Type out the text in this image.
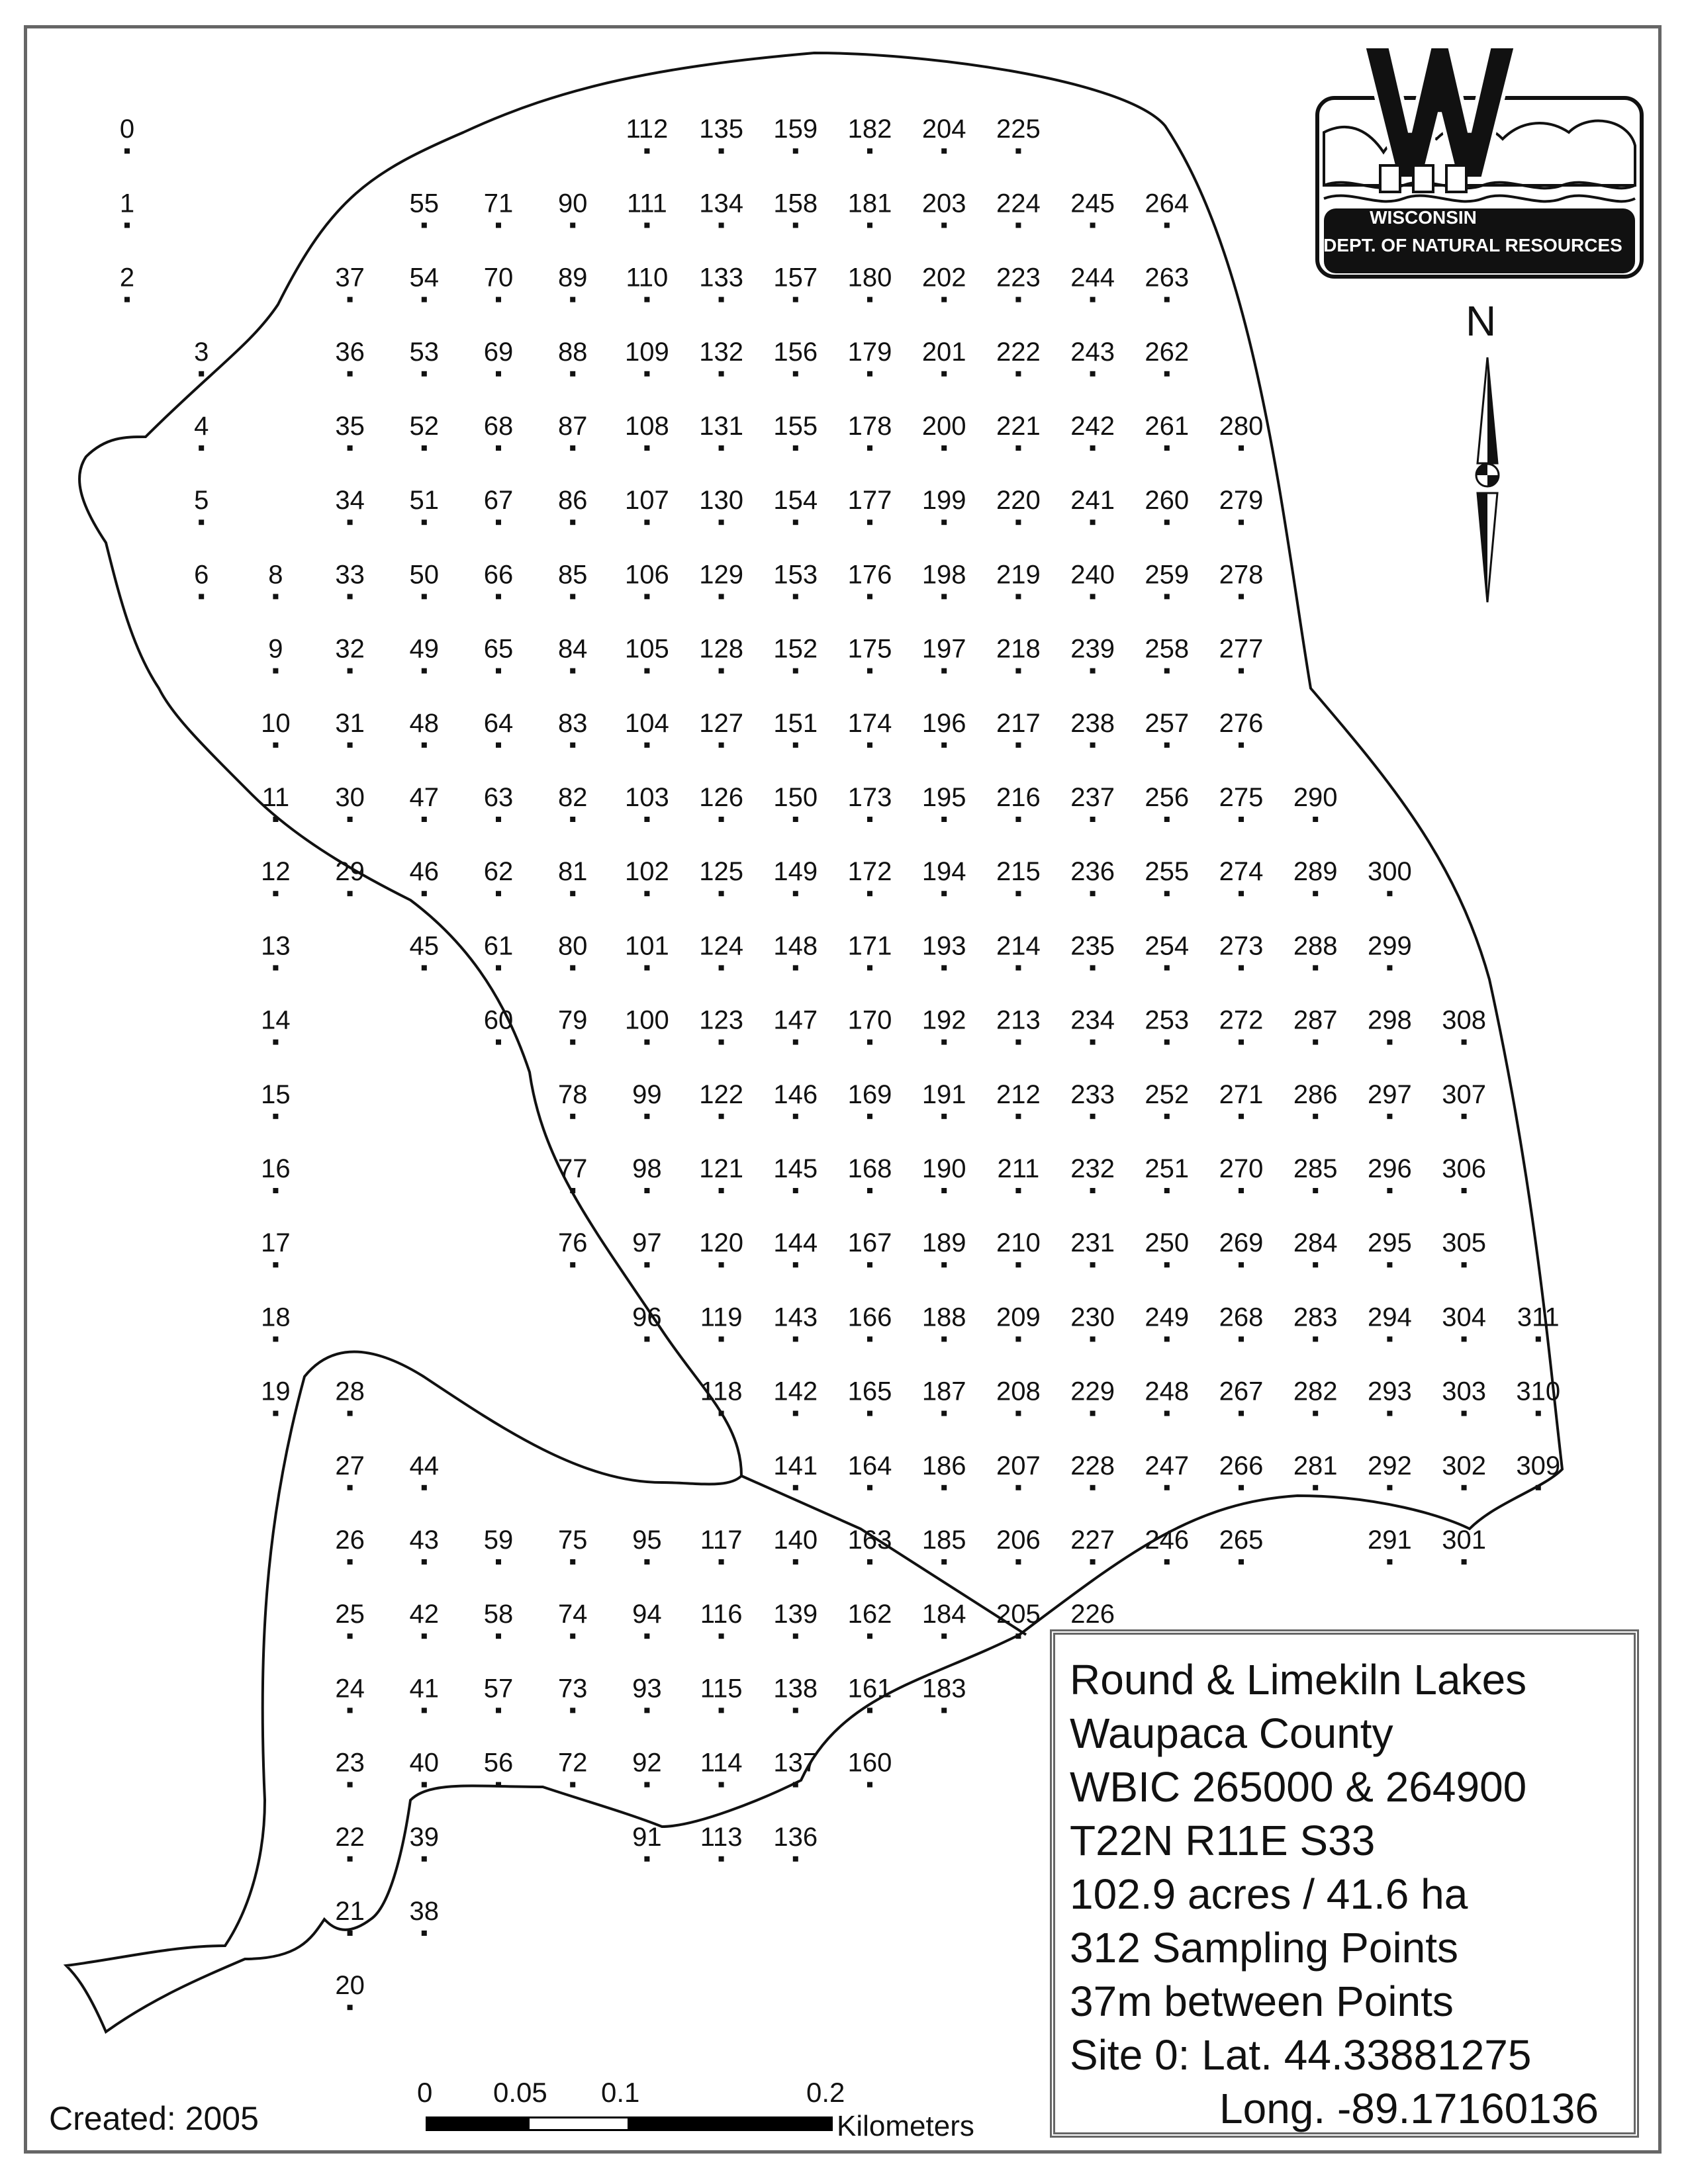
0
1
2
3
4
5
6 8
9
10
11
12
13
14
15
16
17
18
19
37
36
35
34
33
32
31
30
29
28
27
26
25
24
23
22
21
20
55
54
53
52
51
50
49
48
47
46
45
44
43
42
41
40
39
38
71
70
69
68
67
66
65
64
63
62
61
60
59
58
57
56
90
89
88
87
86
85
84
83
82
81
80
79
78
77
76
75
74
73
72
112
111
110
109
108
107
106
105
104
103
102
101
100
99
98
97
96
95
94
93
92
91
135
134
133
132
131
130
129
128
127
126
125
124
123
122
121
120
119
118
117
116
115
114
113
159
158
157
156
155
154
153
152
151
150
149
148
147
146
145
144
143
142
141
140
139
138
137
136
182
181
180
179
178
177
176
175
174
173
172
171
170
169
168
167
166
165
164
163
162
161
160
204
203
202
201
200
199
198
197
196
195
194
193
192
191
190
189
188
187
186
185
184
183
225
224
223
222
221
220
219
218
217
216
215
214
213
212
211
210
209
208
207
206
205
245
244
243
242
241
240
239
238
237
236
235
234
233
232
231
230
229
228
227
226
264
263
262
261
260
259
258
257
256
255
254
253
252
251
250
249
248
247
246
280
279
278
277
276
275
274
273
272
271
270
269
268
267
266
265
290
289
288
287
286
285
284
283
282
281
300
299
298
297
296
295
294
293
292
291
308
307
306
305
304
303
302
301
311
310
309
WISCONSIN
DEPT. OF NATURAL RESOURCES
N
Round & Limekiln Lakes
Waupaca County
WBIC 265000 & 264900
T22N R11E S33
102.9 acres / 41.6 ha
312 Sampling Points
37m between Points
Site 0: Lat. 44.33881275
Long. -89.17160136
Created: 2005
0 0.05 0.1	0.2
Kilometers
